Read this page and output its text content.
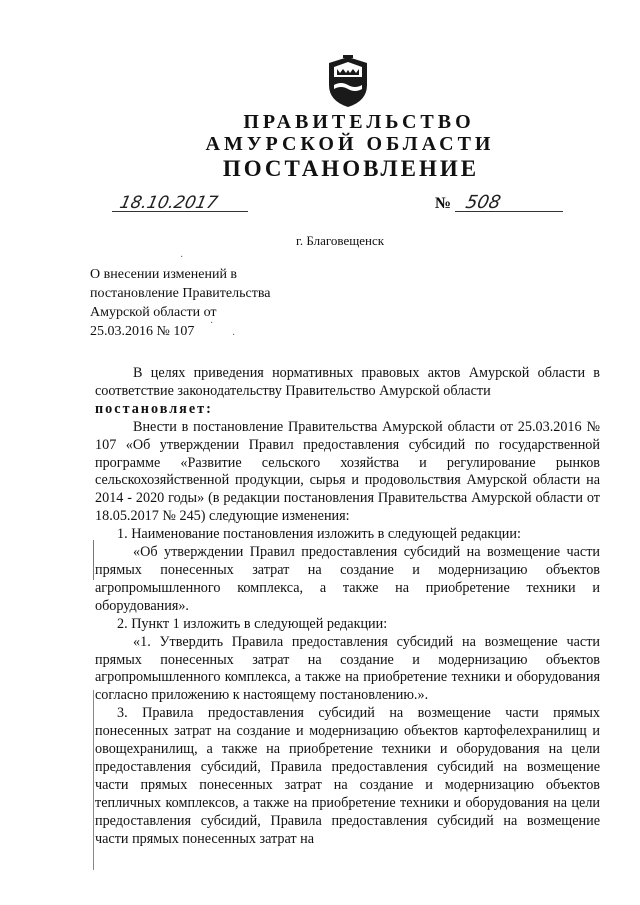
ПРАВИТЕЛЬСТВО
АМУРСКОЙ ОБЛАСТИ
ПОСТАНОВЛЕНИЕ
18.10.2017	№ 508
г. Благовещенск
О внесении изменений в
постановление Правительства
Амурской области от
25.03.2016 № 107
·
·
·

В целях приведения нормативных правовых актов Амурской области в соответствие законодательству Правительство Амурской области

постановляет:

Внести в постановление Правительства Амурской области от 25.03.2016 № 107 «Об утверждении Правил предоставления субсидий по государственной программе «Развитие сельского хозяйства и регулирование рынков сельскохозяйственной продукции, сырья и продовольствия Амурской области на 2014 - 2020 годы» (в редакции постановления Правительства Амурской области от 18.05.2017 № 245) следующие изменения:

1. Наименование постановления изложить в следующей редакции:

«Об утверждении Правил предоставления субсидий на возмещение части прямых понесенных затрат на создание и модернизацию объектов агропромышленного комплекса, а также на приобретение техники и оборудования».

2. Пункт 1 изложить в следующей редакции:

«1. Утвердить Правила предоставления субсидий на возмещение части прямых понесенных затрат на создание и модернизацию объектов агропромышленного комплекса, а также на приобретение техники и оборудования согласно приложению к настоящему постановлению.».

3. Правила предоставления субсидий на возмещение части прямых понесенных затрат на создание и модернизацию объектов картофелехранилищ и овощехранилищ, а также на приобретение техники и оборудования на цели предоставления субсидий, Правила предоставления субсидий на возмещение части прямых понесенных затрат на создание и модернизацию объектов тепличных комплексов, а также на приобретение техники и оборудования на цели предоставления субсидий, Правила предоставления субсидий на возмещение части прямых понесенных затрат на
